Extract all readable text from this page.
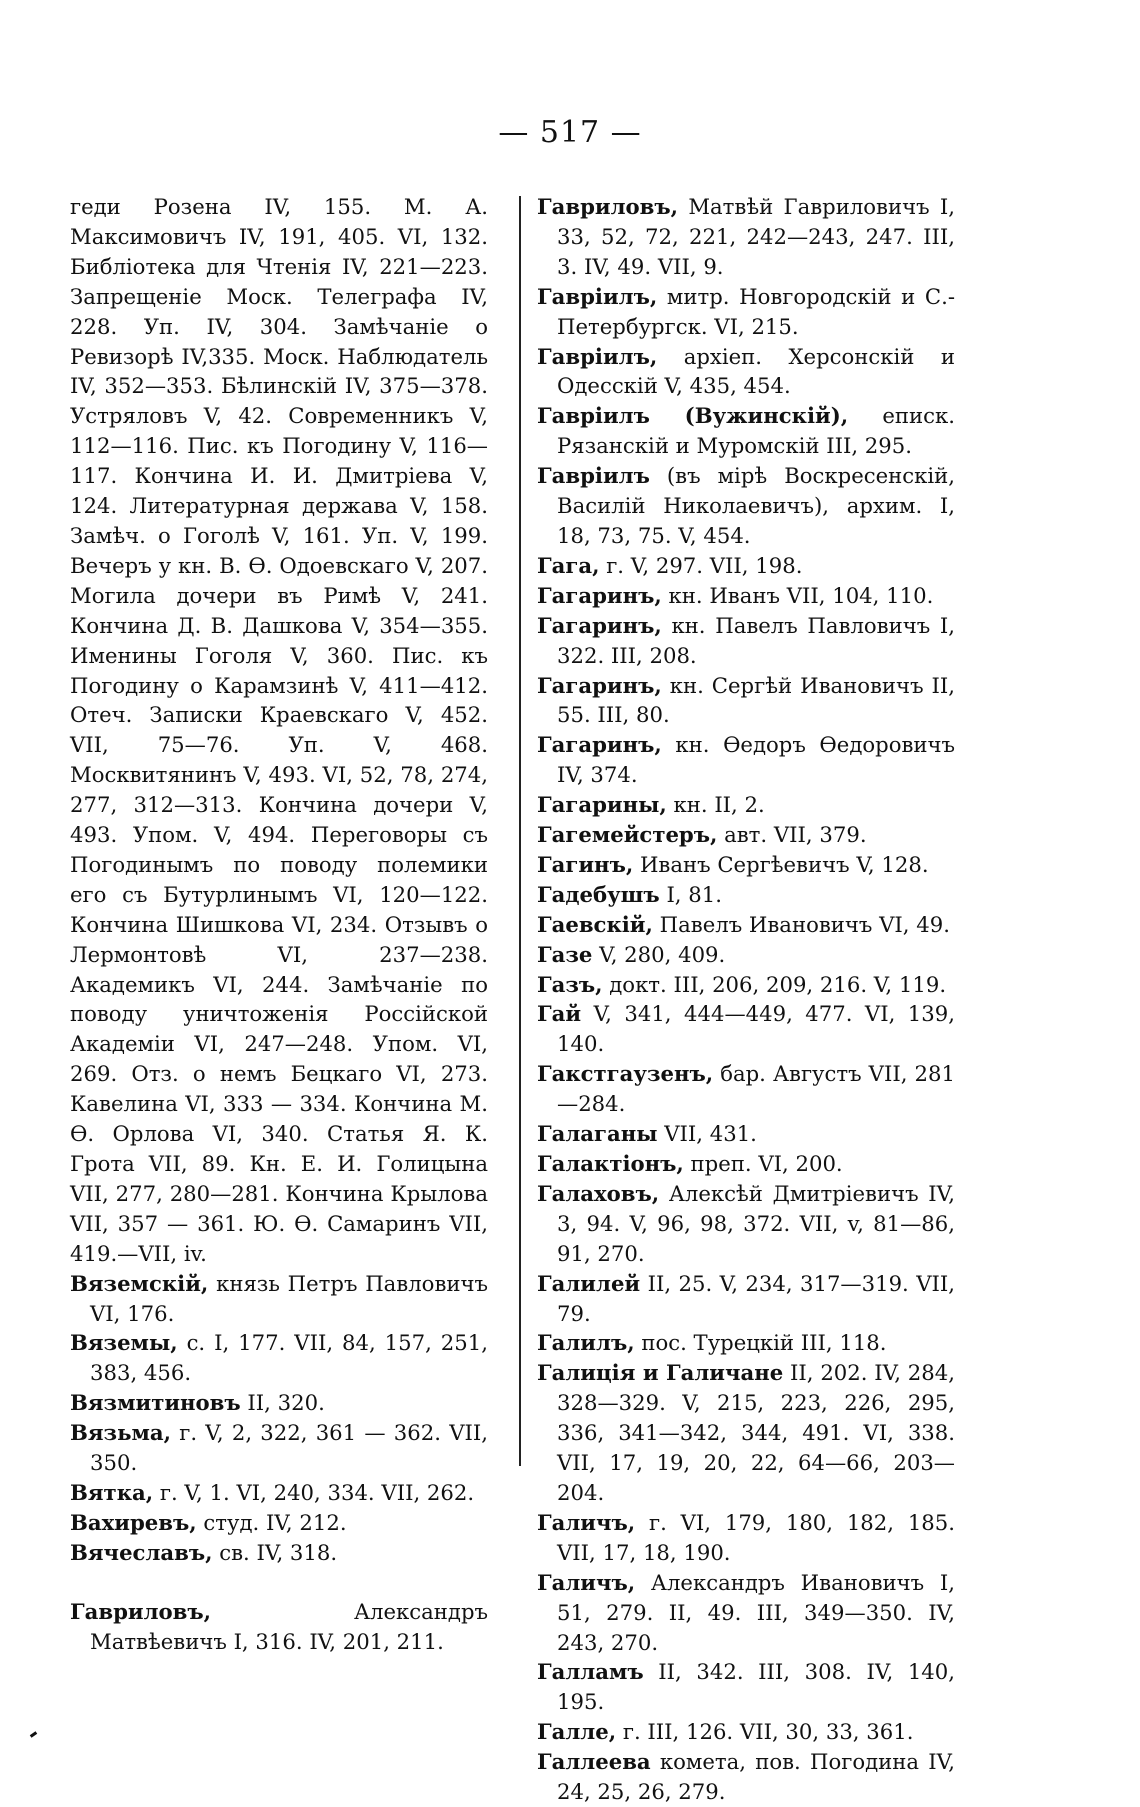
— 517 —

геди Розена IV, 155. М. А. Максимовичъ IV, 191, 405. VI, 132. Библіотека для Чтенія IV, 221—223. Запрещеніе Моск. Телеграфа IV, 228. Уп. IV, 304. Замѣчаніе о Ревизорѣ IV,335. Моск. Наблюдатель IV, 352—353. Бѣлинскій IV, 375—378. Устряловъ V, 42. Современникъ V, 112—116. Пис. къ Погодину V, 116—117. Кончина И. И. Дмитріева V, 124. Литературная держава V, 158. Замѣч. о Гоголѣ V, 161. Уп. V, 199. Вечеръ у кн. В. Ѳ. Одоевскаго V, 207. Могила дочери въ Римѣ V, 241. Кончина Д. В. Дашкова V, 354—355. Именины Гоголя V, 360. Пис. къ Погодину о Карамзинѣ V, 411—412. Отеч. Записки Краевскаго V, 452. VII, 75—76. Уп. V, 468. Москвитянинъ V, 493. VI, 52, 78, 274, 277, 312—313. Кончина дочери V, 493. Упом. V, 494. Переговоры съ Погодинымъ по поводу полемики его съ Бутурлинымъ VI, 120—122. Кончина Шишкова VI, 234. Отзывъ о Лермонтовѣ VI, 237—238. Академикъ VI, 244. Замѣчаніе по поводу уничтоженія Россійской Академіи VI, 247—248. Упом. VI, 269. Отз. о немъ Бецкаго VI, 273. Кавелина VI, 333 — 334. Кончина М. Ѳ. Орлова VI, 340. Статья Я. К. Грота VII, 89. Кн. Е. И. Голицына VII, 277, 280—281. Кончина Крылова VII, 357 — 361. Ю. Ѳ. Самаринъ VII, 419.—VII, iv.

Вяземскій, князь Петръ Павловичъ VI, 176.

Вяземы, с. I, 177. VII, 84, 157, 251, 383, 456.

Вязмитиновъ II, 320.

Вязьма, г. V, 2, 322, 361 — 362. VII, 350.

Вятка, г. V, 1. VI, 240, 334. VII, 262.

Вахиревъ, студ. IV, 212.

Вячеславъ, св. IV, 318.

Гавриловъ,	Александръ Матвѣевичъ I, 316. IV, 201, 211.

Гавриловъ, Матвѣй Гавриловичъ I, 33, 52, 72, 221, 242—243, 247. III, 3. IV, 49. VII, 9.

Гавріилъ, митр. Новгородскій и С.-Петербургск. VI, 215.

Гавріилъ, архіеп. Херсонскій и Одесскій V, 435, 454.

Гавріилъ (Вужинскій), еписк. Рязанскій и Муромскій III, 295.

Гавріилъ (въ мірѣ Воскресенскій, Василій Николаевичъ), архим. I, 18, 73, 75. V, 454.

Гага, г. V, 297. VII, 198.

Гагаринъ, кн. Иванъ VII, 104, 110.

Гагаринъ, кн. Павелъ Павловичъ I, 322. III, 208.

Гагаринъ, кн. Сергѣй Ивановичъ II, 55. III, 80.

Гагаринъ, кн. Ѳедоръ Ѳедоровичъ IV, 374.

Гагарины, кн. II, 2.

Гагемейстеръ, авт. VII, 379.

Гагинъ, Иванъ Сергѣевичъ V, 128.

Гадебушъ I, 81.

Гаевскій, Павелъ Ивановичъ VI, 49.

Газе V, 280, 409.

Газъ, докт. III, 206, 209, 216. V, 119.

Гай V, 341, 444—449, 477. VI, 139, 140.

Гакстгаузенъ, бар. Августъ VII, 281—284.

Галаганы VII, 431.

Галактіонъ, преп. VI, 200.

Галаховъ, Алексѣй Дмитріевичъ IV, 3, 94. V, 96, 98, 372. VII, v, 81—86, 91, 270.

Галилей II, 25. V, 234, 317—319. VII, 79.

Галилъ, пос. Турецкій III, 118.

Галиція и Галичане II, 202. IV, 284, 328—329. V, 215, 223, 226, 295, 336, 341—342, 344, 491. VI, 338. VII, 17, 19, 20, 22, 64—66, 203—204.

Галичъ, г. VI, 179, 180, 182, 185. VII, 17, 18, 190.

Галичъ, Александръ Ивановичъ I, 51, 279. II, 49. III, 349—350. IV, 243, 270.

Галламъ II, 342. III, 308. IV, 140, 195.

Галле, г. III, 126. VII, 30, 33, 361.

Галлеева комета, пов. Погодина IV, 24, 25, 26, 279.
